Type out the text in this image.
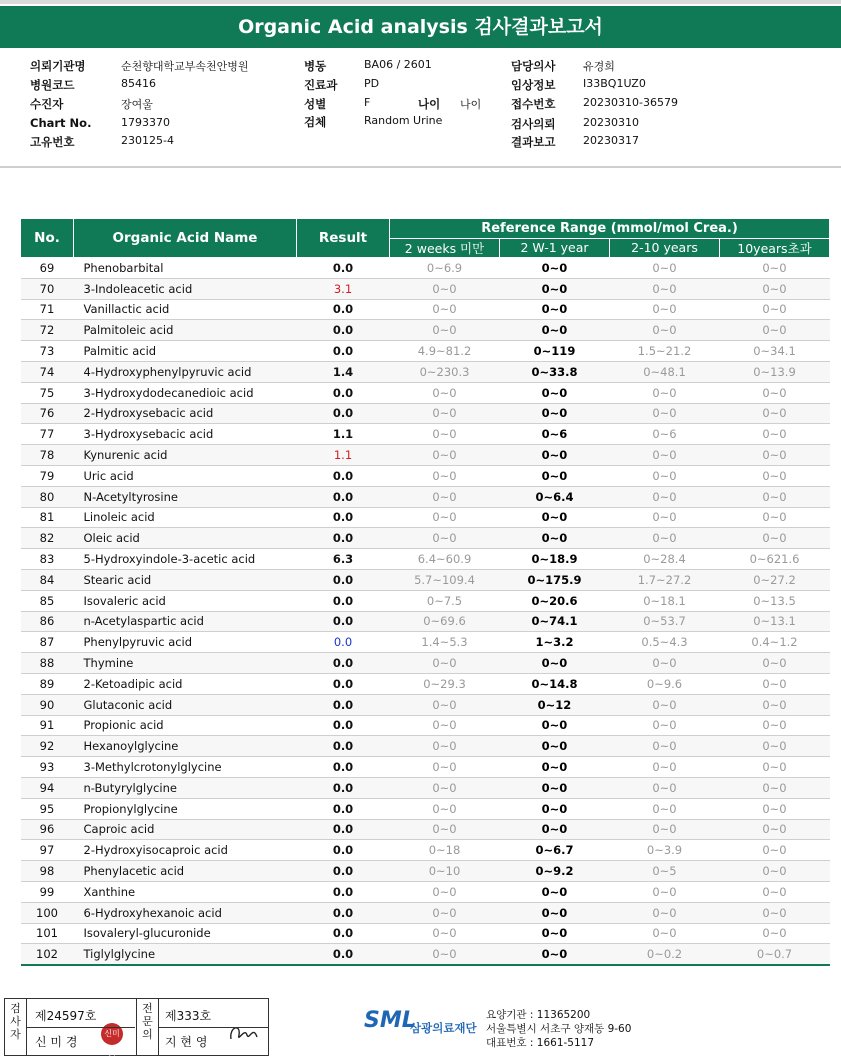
Organic Acid analysis 검사결과보고서
의뢰기관명	순천향대학교부속천안병원
병원코드	85416
수진자	장여울
Chart No.	1793370
고유번호	230125-4
병동	BA06 / 2601
진료과 PD
성별	F	나이 나이
검체	Random Urine
담당의사	유경희
임상정보	I33BQ1UZ0
접수번호	20230310-36579
검사의뢰	20230310
결과보고	20230317
No.	Organic Acid Name	Result	Reference Range (mmol/mol Crea.)			
			2 weeks 미만	2 W-1 year	2-10 years	10years초과
69	Phenobarbital	0.0	0~6.9	0~0	0~0	0~0
70	3-Indoleacetic acid	3.1	0~0	0~0	0~0	0~0
71	Vanillactic acid	0.0	0~0	0~0	0~0	0~0
72	Palmitoleic acid	0.0	0~0	0~0	0~0	0~0
73	Palmitic acid	0.0	4.9~81.2	0~119	1.5~21.2	0~34.1
74	4-Hydroxyphenylpyruvic acid	1.4	0~230.3	0~33.8	0~48.1	0~13.9
75	3-Hydroxydodecanedioic acid	0.0	0~0	0~0	0~0	0~0
76	2-Hydroxysebacic acid	0.0	0~0	0~0	0~0	0~0
77	3-Hydroxysebacic acid	1.1	0~0	0~6	0~6	0~0
78	Kynurenic acid	1.1	0~0	0~0	0~0	0~0
79	Uric acid	0.0	0~0	0~0	0~0	0~0
80	N-Acetyltyrosine	0.0	0~0	0~6.4	0~0	0~0
81	Linoleic acid	0.0	0~0	0~0	0~0	0~0
82	Oleic acid	0.0	0~0	0~0	0~0	0~0
83	5-Hydroxyindole-3-acetic acid	6.3	6.4~60.9	0~18.9	0~28.4	0~621.6
84	Stearic acid	0.0	5.7~109.4	0~175.9	1.7~27.2	0~27.2
85	Isovaleric acid	0.0	0~7.5	0~20.6	0~18.1	0~13.5
86	n-Acetylaspartic acid	0.0	0~69.6	0~74.1	0~53.7	0~13.1
87	Phenylpyruvic acid	0.0	1.4~5.3	1~3.2	0.5~4.3	0.4~1.2
88	Thymine	0.0	0~0	0~0	0~0	0~0
89	2-Ketoadipic acid	0.0	0~29.3	0~14.8	0~9.6	0~0
90	Glutaconic acid	0.0	0~0	0~12	0~0	0~0
91	Propionic acid	0.0	0~0	0~0	0~0	0~0
92	Hexanoylglycine	0.0	0~0	0~0	0~0	0~0
93	3-Methylcrotonylglycine	0.0	0~0	0~0	0~0	0~0
94	n-Butyrylglycine	0.0	0~0	0~0	0~0	0~0
95	Propionylglycine	0.0	0~0	0~0	0~0	0~0
96	Caproic acid	0.0	0~0	0~0	0~0	0~0
97	2-Hydroxyisocaproic acid	0.0	0~18	0~6.7	0~3.9	0~0
98	Phenylacetic acid	0.0	0~10	0~9.2	0~5	0~0
99	Xanthine	0.0	0~0	0~0	0~0	0~0
100	6-Hydroxyhexanoic acid	0.0	0~0	0~0	0~0	0~0
101	Isovaleryl-glucuronide	0.0	0~0	0~0	0~0	0~0
102	Tiglylglycine	0.0	0~0	0~0	0~0.2	0~0.7
검사자
제24597호
신 미 경
신미경
전문의
제333호
지 현 영
SML
삼광의료재단
요양기관 : 11365200
서울특별시 서초구 양재동 9-60
대표번호 : 1661-5117
